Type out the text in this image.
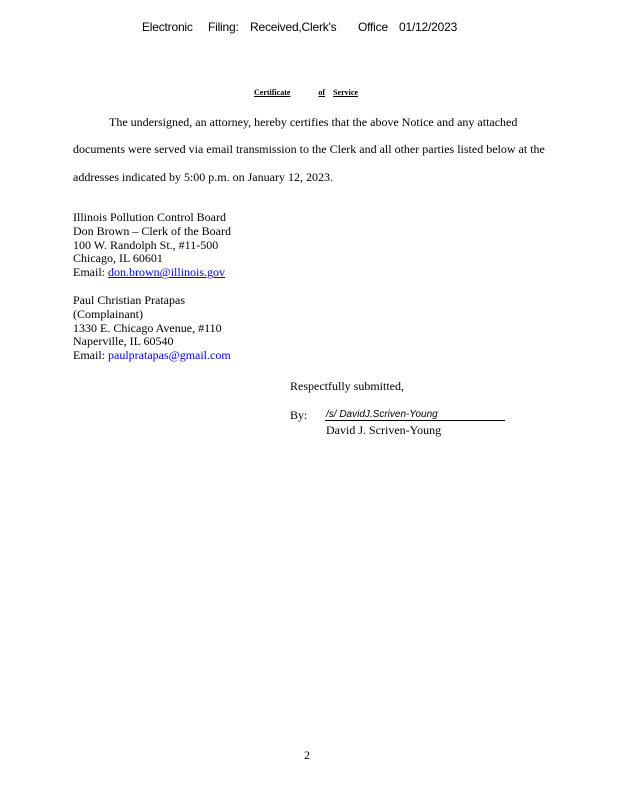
Electronic Filing: Received,Clerk's Office 01/12/2023
Certificate	of Service
The undersigned, an attorney, hereby certifies that the above Notice and any attached
documents were served via email transmission to the Clerk and all other parties listed below at the
addresses indicated by 5:00 p.m. on January 12, 2023.
Illinois Pollution Control Board
Don Brown – Clerk of the Board
100 W. Randolph St., #11-500
Chicago, IL 60601
Email: don.brown@illinois.gov
Paul Christian Pratapas
(Complainant)
1330 E. Chicago Avenue, #110
Naperville, IL 60540
Email: paulpratapas@gmail.com
Respectfully submitted,
By: /s/ DavidJ.Scriven-Young
David J. Scriven-Young
2
